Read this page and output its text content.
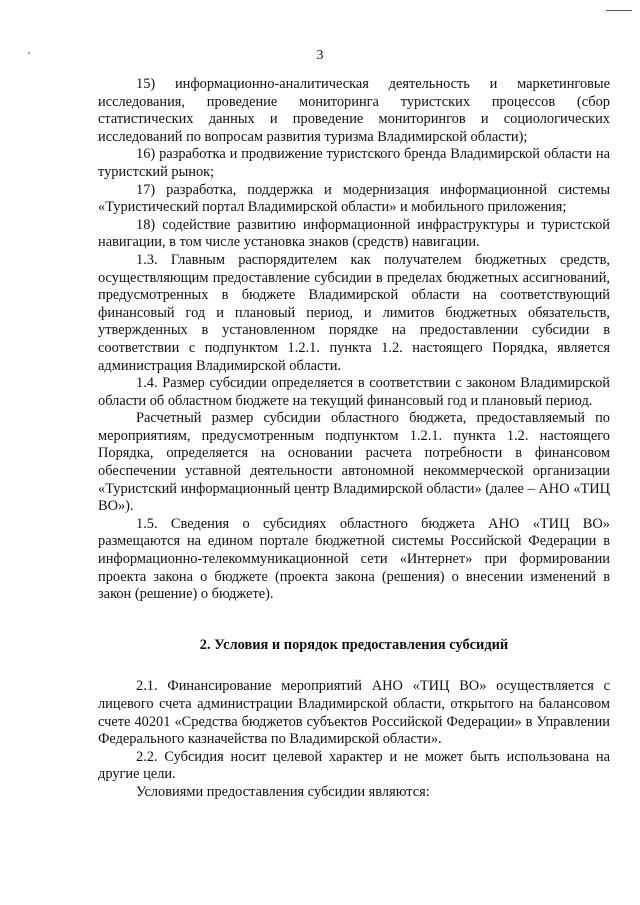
3

15) информационно-аналитическая деятельность и маркетинговые исследования, проведение мониторинга туристских процессов (сбор статистических данных и проведение мониторингов и социологических исследований по вопросам развития туризма Владимирской области);

16) разработка и продвижение туристского бренда Владимирской области на туристский рынок;

17) разработка, поддержка и модернизация информационной системы «Туристический портал Владимирской области» и мобильного приложения;

18) содействие развитию информационной инфраструктуры и туристской навигации, в том числе установка знаков (средств) навигации.

1.3. Главным распорядителем как получателем бюджетных средств, осуществляющим предоставление субсидии в пределах бюджетных ассигнований, предусмотренных в бюджете Владимирской области на соответствующий финансовый год и плановый период, и лимитов бюджетных обязательств, утвержденных в установленном порядке на предоставлении субсидии в соответствии с подпунктом 1.2.1. пункта 1.2. настоящего Порядка, является администрация Владимирской области.

1.4. Размер субсидии определяется в соответствии с законом Владимирской области об областном бюджете на текущий финансовый год и плановый период.

Расчетный размер субсидии областного бюджета, предоставляемый по мероприятиям, предусмотренным подпунктом 1.2.1. пункта 1.2. настоящего Порядка, определяется на основании расчета потребности в финансовом обеспечении уставной деятельности автономной некоммерческой организации «Туристский информационный центр Владимирской области» (далее – АНО «ТИЦ ВО»).

1.5. Сведения о субсидиях областного бюджета АНО «ТИЦ ВО» размещаются на едином портале бюджетной системы Российской Федерации в информационно-телекоммуникационной сети «Интернет» при формировании проекта закона о бюджете (проекта закона (решения) о внесении изменений в закон (решение) о бюджете).

2. Условия и порядок предоставления субсидий

2.1. Финансирование мероприятий АНО «ТИЦ ВО» осуществляется с лицевого счета администрации Владимирской области, открытого на балансовом счете 40201 «Средства бюджетов субъектов Российской Федерации» в Управлении Федерального казначейства по Владимирской области».

2.2. Субсидия носит целевой характер и не может быть использована на другие цели.

Условиями предоставления субсидии являются:
